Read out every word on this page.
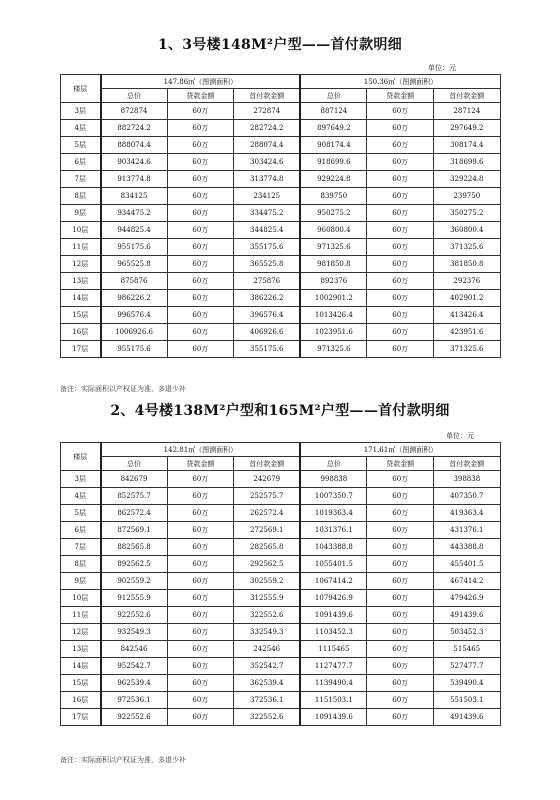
1、3号楼148M²户型——首付款明细
单位：元
楼层	147.86㎡（图测面积）			150.36㎡（图测面积）		
	总价	贷款金额	首付款金额	总价	贷款金额	首付款金额
3层	872874	60万	272874	887124	60万	287124
4层	882724.2	60万	282724.2	897649.2	60万	297649.2
5层	888074.4	60万	288074.4	908174.4	60万	308174.4
6层	903424.6	60万	303424.6	918699.6	60万	318699.6
7层	913774.8	60万	313774.8	929224.8	60万	329224.8
8层	834125	60万	234125	839750	60万	239750
9层	934475.2	60万	334475.2	950275.2	60万	350275.2
10层	944825.4	60万	344825.4	960800.4	60万	360800.4
11层	955175.6	60万	355175.6	971325.6	60万	371325.6
12层	965525.8	60万	365525.8	981850.8	60万	381850.8
13层	875876	60万	275876	892376	60万	292376
14层	986226.2	60万	386226.2	1002901.2	60万	402901.2
15层	996576.4	60万	396576.4	1013426.4	60万	413426.4
16层	1006926.6	60万	406926.6	1023951.6	60万	423951.6
17层	955175.6	60万	355175.6	971325.6	60万	371325.6
备注：实际面积以产权证为准，多退少补
2、4号楼138M²户型和165M²户型——首付款明细
单位：元
楼层	142.81㎡（图测面积）			171.61㎡（图测面积）		
	总价	贷款金额	首付款金额	总价	贷款金额	首付款金额
3层	842679	60万	242679	998838	60万	398838
4层	852575.7	60万	252575.7	1007350.7	60万	407350.7
5层	862572.4	60万	262572.4	1019363.4	60万	419363.4
6层	872569.1	60万	272569.1	1031376.1	60万	431376.1
7层	882565.8	60万	282565.8	1043388.8	60万	443388.8
8层	892562.5	60万	292562.5	1055401.5	60万	455401.5
9层	902559.2	60万	302559.2	1067414.2	60万	467414.2
10层	912555.9	60万	312555.9	1079426.9	60万	479426.9
11层	922552.6	60万	322552.6	1091439.6	60万	491439.6
12层	932549.3	60万	332549.3	1103452.3	60万	503452.3
13层	842546	60万	242546	1115465	60万	515465
14层	952542.7	60万	352542.7	1127477.7	60万	527477.7
15层	962539.4	60万	362539.4	1139490.4	60万	539490.4
16层	972536.1	60万	372536.1	1151503.1	60万	551503.1
17层	922552.6	60万	322552.6	1091439.6	60万	491439.6
备注：实际面积以产权证为准，多退少补
